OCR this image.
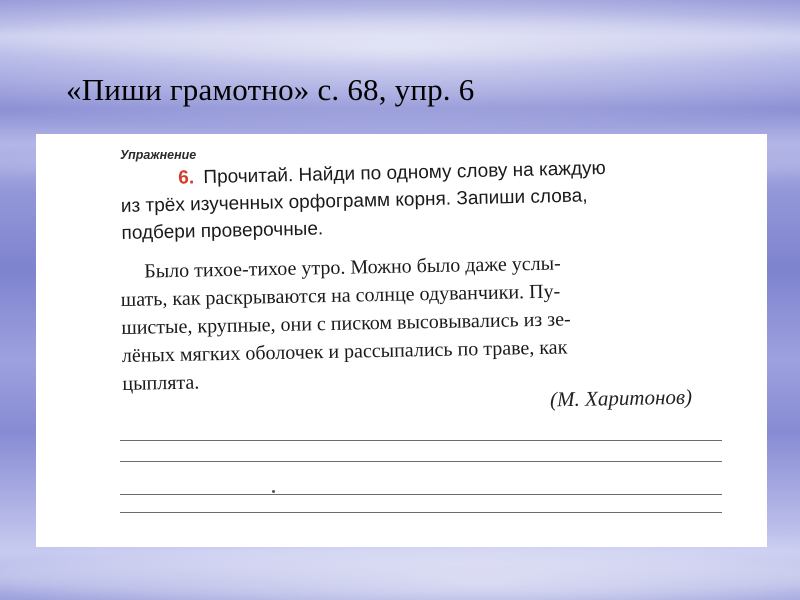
«Пиши грамотно» с. 68, упр. 6
Упражнение
6. Прочитай. Найди по одному слову на каждую
из трёх изученных орфограмм корня. Запиши слова,
подбери проверочные.
Было тихое-тихое утро. Можно было даже услы-
шать, как раскрываются на солнце одуванчики. Пу-
шистые, крупные, они с писком высовывались из зе-
лёных мягких оболочек и рассыпались по траве, как
цыплята.
(М. Харитонов)
